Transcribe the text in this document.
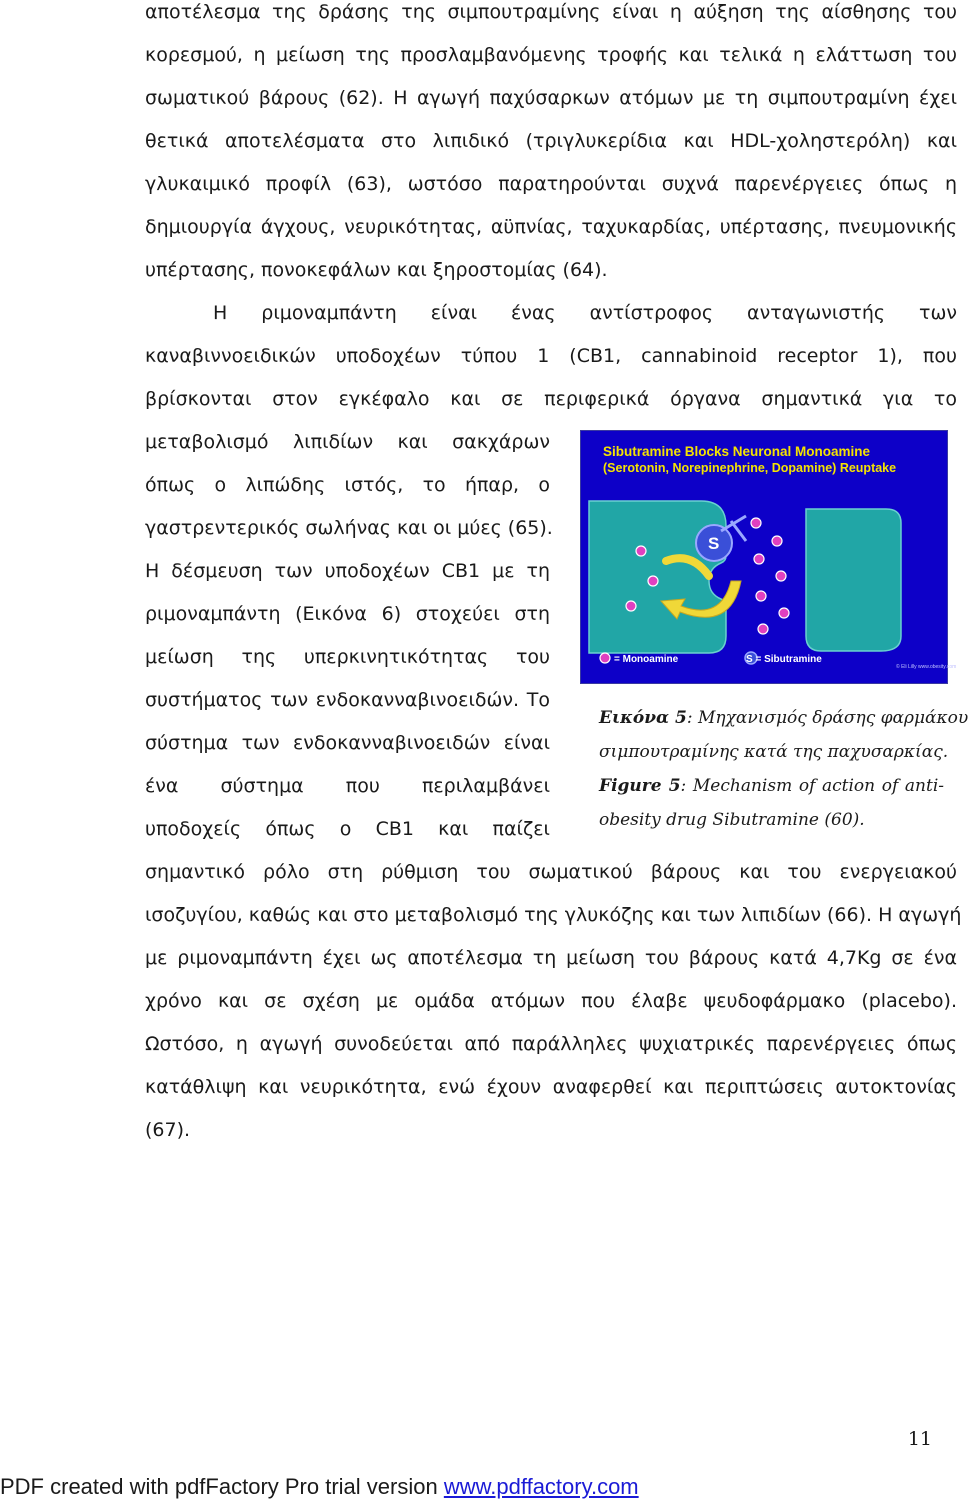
αποτέλεσμα της δράσης της σιμπουτραμίνης είναι η αύξηση της αίσθησης του
κορεσμού, η μείωση της προσλαμβανόμενης τροφής και τελικά η ελάττωση του
σωματικού βάρους (62). Η αγωγή παχύσαρκων ατόμων με τη σιμπουτραμίνη έχει
θετικά αποτελέσματα στο λιπιδικό (τριγλυκερίδια και HDL-χοληστερόλη) και
γλυκαιμικό προφίλ (63), ωστόσο παρατηρούνται συχνά παρενέργειες όπως η
δημιουργία άγχους, νευρικότητας, αϋπνίας, ταχυκαρδίας, υπέρτασης, πνευμονικής
υπέρτασης, πονοκεφάλων και ξηροστομίας (64).
Η ριμοναμπάντη είναι ένας αντίστροφος ανταγωνιστής των
καναβιννοειδικών υποδοχέων τύπου 1 (CB1, cannabinoid receptor 1), που
βρίσκονται στον εγκέφαλο και σε περιφερικά όργανα σημαντικά για το
μεταβολισμό λιπιδίων και σακχάρων
όπως ο λιπώδης ιστός, το ήπαρ, ο
γαστρεντερικός σωλήνας και οι μύες (65).
Η δέσμευση των υποδοχέων CB1 με τη
ριμοναμπάντη (Εικόνα 6) στοχεύει στη
μείωση της υπερκινητικότητας του
συστήματος των ενδοκανναβινοειδών. Το
σύστημα των ενδοκανναβινοειδών είναι
ένα σύστημα που περιλαμβάνει
υποδοχείς όπως ο CB1 και παίζει
σημαντικό ρόλο στη ρύθμιση του σωματικού βάρους και του ενεργειακού
ισοζυγίου, καθώς και στο μεταβολισμό της γλυκόζης και των λιπιδίων (66). Η αγωγή
με ριμοναμπάντη έχει ως αποτέλεσμα τη μείωση του βάρους κατά 4,7Kg σε ένα
χρόνο και σε σχέση με ομάδα ατόμων που έλαβε ψευδοφάρμακο (placebo).
Ωστόσο, η αγωγή συνοδεύεται από παράλληλες ψυχιατρικές παρενέργειες όπως
κατάθλιψη και νευρικότητα, ενώ έχουν αναφερθεί και περιπτώσεις αυτοκτονίας
(67).
Sibutramine Blocks Neuronal Monoamine
(Serotonin, Norepinephrine, Dopamine) Reuptake
S
= Monoamine	S = Sibutramine
© Eli Lilly www.obesity.com
Εικόνα 5: Μηχανισμός δράσης φαρμάκου
σιμπουτραμίνης κατά της παχυσαρκίας.
Figure 5: Mechanism of action of anti-
obesity drug Sibutramine (60).
11
PDF created with pdfFactory Pro trial version www.pdffactory.com
